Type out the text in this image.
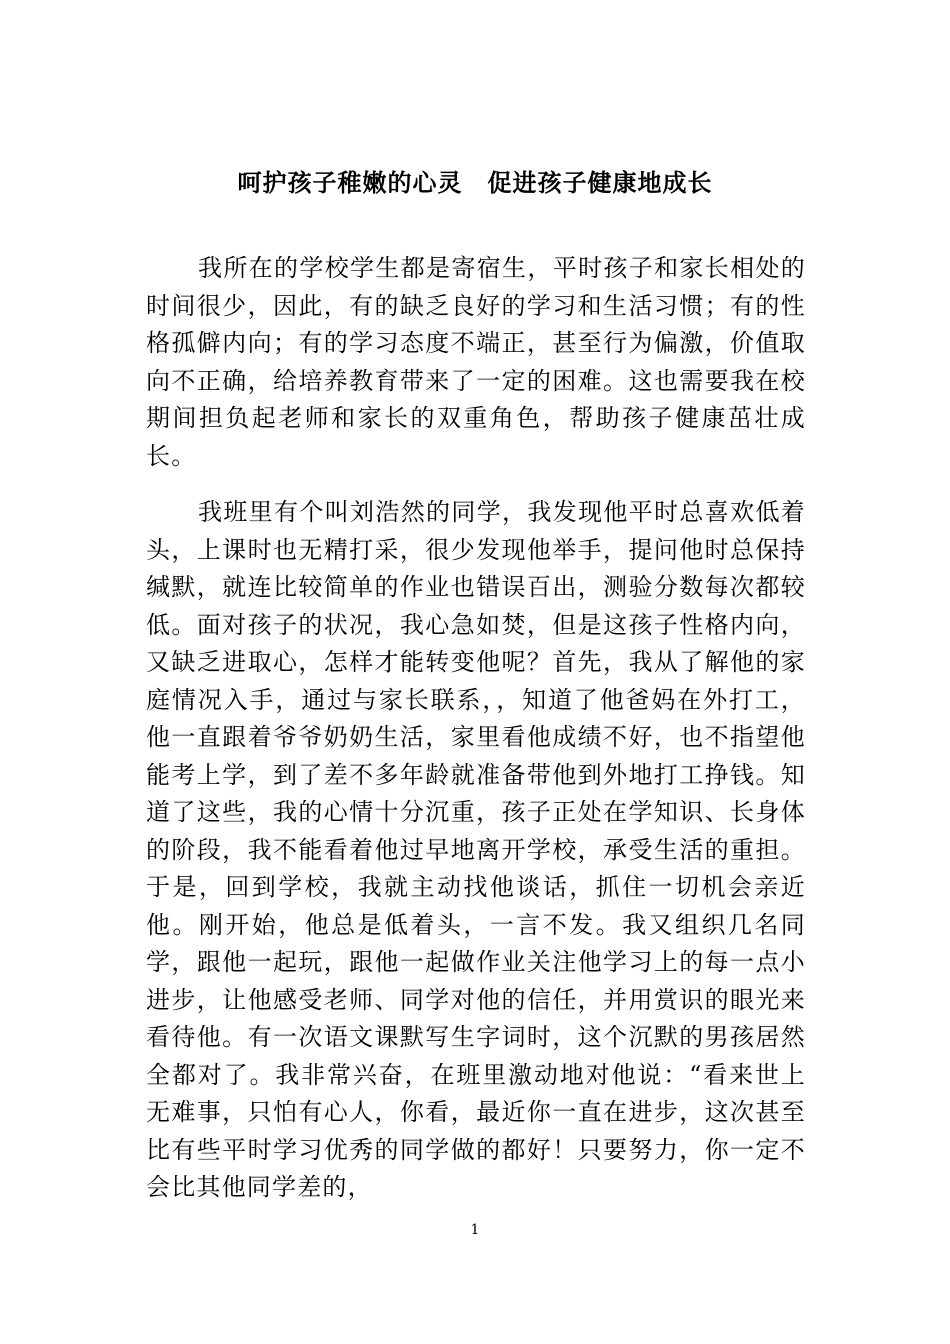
呵护孩子稚嫩的心灵　促进孩子健康地成长

我所在的学校学生都是寄宿生，平时孩子和家长相处的时间很少，因此，有的缺乏良好的学习和生活习惯；有的性格孤僻内向；有的学习态度不端正，甚至行为偏激，价值取向不正确，给培养教育带来了一定的困难。这也需要我在校期间担负起老师和家长的双重角色，帮助孩子健康茁壮成长。

我班里有个叫刘浩然的同学，我发现他平时总喜欢低着头，上课时也无精打采，很少发现他举手，提问他时总保持缄默，就连比较简单的作业也错误百出，测验分数每次都较低。面对孩子的状况，我心急如焚，但是这孩子性格内向，又缺乏进取心，怎样才能转变他呢？首先，我从了解他的家庭情况入手，通过与家长联系，，知道了他爸妈在外打工，他一直跟着爷爷奶奶生活，家里看他成绩不好，也不指望他能考上学，到了差不多年龄就准备带他到外地打工挣钱。知道了这些，我的心情十分沉重，孩子正处在学知识、长身体的阶段，我不能看着他过早地离开学校，承受生活的重担。于是，回到学校，我就主动找他谈话，抓住一切机会亲近他。刚开始，他总是低着头，一言不发。我又组织几名同学，跟他一起玩，跟他一起做作业关注他学习上的每一点小进步，让他感受老师、同学对他的信任，并用赏识的眼光来看待他。有一次语文课默写生字词时，这个沉默的男孩居然全都对了。我非常兴奋，在班里激动地对他说：“看来世上无难事，只怕有心人，你看，最近你一直在进步，这次甚至比有些平时学习优秀的同学做的都好！只要努力，你一定不会比其他同学差的，

1
